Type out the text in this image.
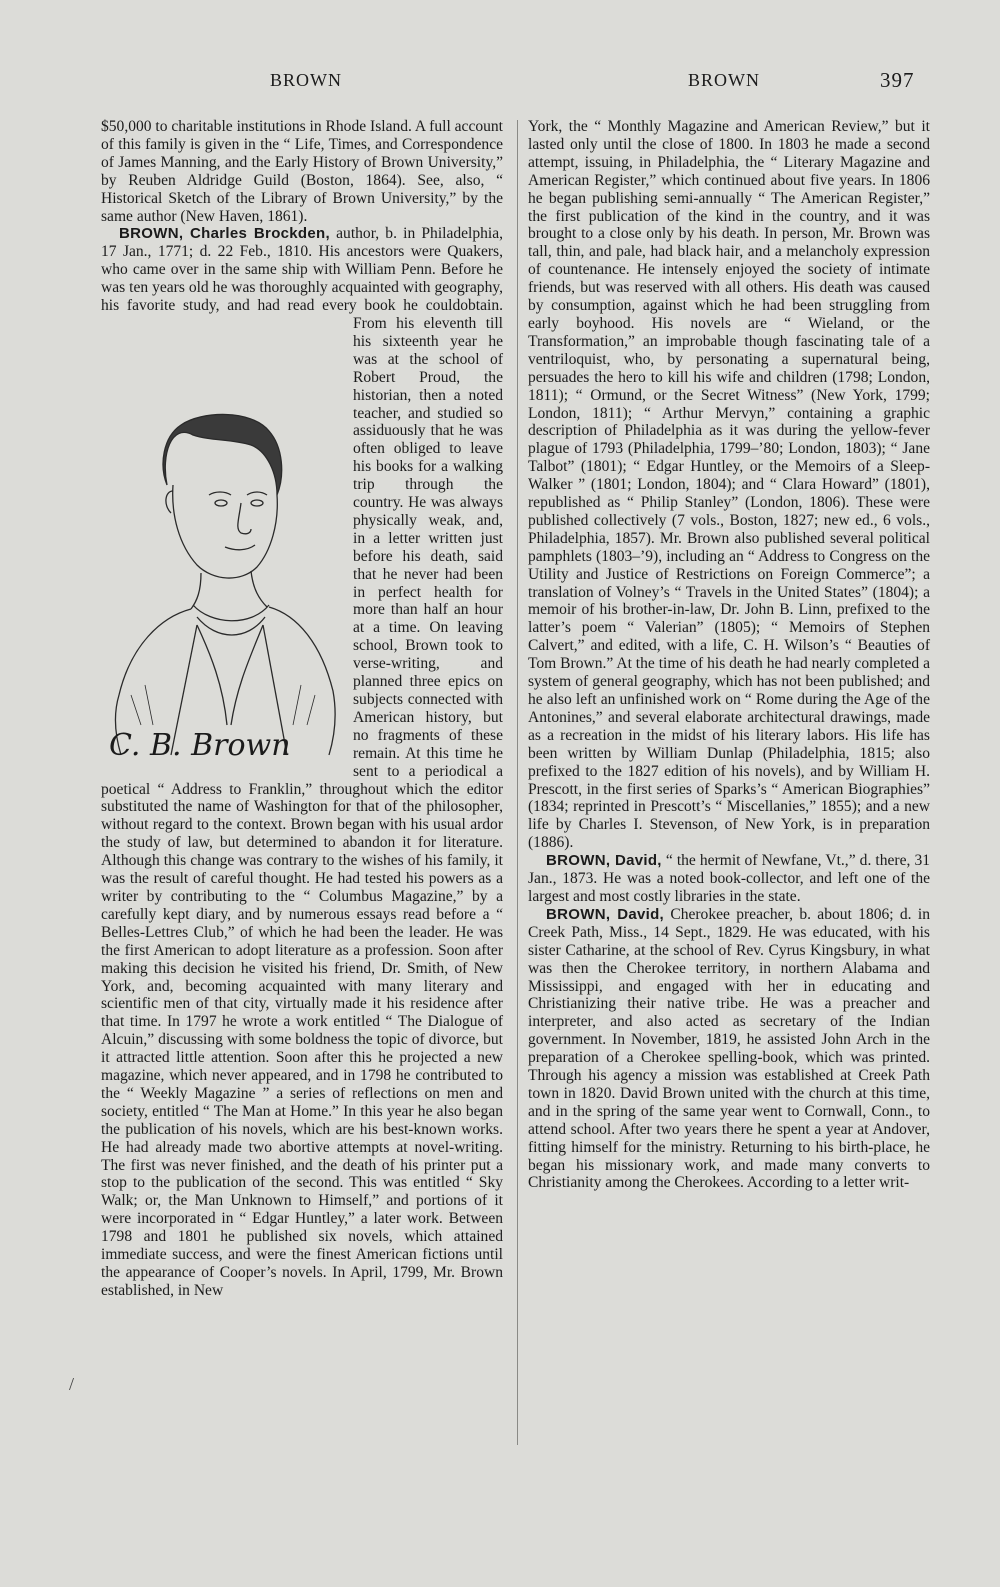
BROWN	BROWN	397

$50,000 to charitable institutions in Rhode Island. A full account of this family is given in the “ Life, Times, and Correspondence of James Manning, and the Early History of Brown University,” by Reuben Aldridge Guild (Boston, 1864). See, also, “ Historical Sketch of the Library of Brown University,” by the same author (New Haven, 1861).

BROWN, Charles Brockden, author, b. in Philadelphia, 17 Jan., 1771; d. 22 Feb., 1810. His ancestors were Quakers, who came over in the same ship with William Penn. Before he was ten years old he was thoroughly acquainted with geography, his favorite study, and had read every book he
C. B. Brown
couldobtain. From his eleventh till his sixteenth year he was at the school of Robert Proud, the historian, then a noted teacher, and studied so assiduously that he was often obliged to leave his books for a walking trip through the country. He was always physically weak, and, in a letter written just before his death, said that he never had been in perfect health for more than half an hour at a time. On leaving school, Brown took to verse-writing, and planned three epics on subjects connected with American history, but no fragments of these remain. At this time he sent to a periodical a poetical “ Address to Franklin,” throughout which the editor substituted the name of Washington for that of the philosopher, without regard to the context. Brown began with his usual ardor the study of law, but determined to abandon it for literature. Although this change was contrary to the wishes of his family, it was the result of careful thought. He had tested his powers as a writer by contributing to the “ Columbus Magazine,” by a carefully kept diary, and by numerous essays read before a “ Belles-Lettres Club,” of which he had been the leader. He was the first American to adopt literature as a profession. Soon after making this decision he visited his friend, Dr. Smith, of New York, and, becoming acquainted with many literary and scientific men of that city, virtually made it his residence after that time. In 1797 he wrote a work entitled “ The Dialogue of Alcuin,” discussing with some boldness the topic of divorce, but it attracted little attention. Soon after this he projected a new magazine, which never appeared, and in 1798 he contributed to the “ Weekly Magazine ” a series of reflections on men and society, entitled “ The Man at Home.” In this year he also began the publication of his novels, which are his best-known works. He had already made two abortive attempts at novel-writing. The first was never finished, and the death of his printer put a stop to the publication of the second. This was entitled “ Sky Walk; or, the Man Unknown to Himself,” and portions of it were incorporated in “ Edgar Huntley,” a later work. Between 1798 and 1801 he published six novels, which attained immediate success, and were the finest American fictions until the appearance of Cooper’s novels. In April, 1799, Mr. Brown established, in New

York, the “ Monthly Magazine and American Review,” but it lasted only until the close of 1800. In 1803 he made a second attempt, issuing, in Philadelphia, the “ Literary Magazine and American Register,” which continued about five years. In 1806 he began publishing semi-annually “ The American Register,” the first publication of the kind in the country, and it was brought to a close only by his death. In person, Mr. Brown was tall, thin, and pale, had black hair, and a melancholy expression of countenance. He intensely enjoyed the society of intimate friends, but was reserved with all others. His death was caused by consumption, against which he had been struggling from early boyhood. His novels are “ Wieland, or the Transformation,” an improbable though fascinating tale of a ventriloquist, who, by personating a supernatural being, persuades the hero to kill his wife and children (1798; London, 1811); “ Ormund, or the Secret Witness” (New York, 1799; London, 1811); “ Arthur Mervyn,” containing a graphic description of Philadelphia as it was during the yellow-fever plague of 1793 (Philadelphia, 1799–’80; London, 1803); “ Jane Talbot” (1801); “ Edgar Huntley, or the Memoirs of a Sleep-Walker ” (1801; London, 1804); and “ Clara Howard” (1801), republished as “ Philip Stanley” (London, 1806). These were published collectively (7 vols., Boston, 1827; new ed., 6 vols., Philadelphia, 1857). Mr. Brown also published several political pamphlets (1803–’9), including an “ Address to Congress on the Utility and Justice of Restrictions on Foreign Commerce”; a translation of Volney’s “ Travels in the United States” (1804); a memoir of his brother-in-law, Dr. John B. Linn, prefixed to the latter’s poem “ Valerian” (1805); “ Memoirs of Stephen Calvert,” and edited, with a life, C. H. Wilson’s “ Beauties of Tom Brown.” At the time of his death he had nearly completed a system of general geography, which has not been published; and he also left an unfinished work on “ Rome during the Age of the Antonines,” and several elaborate architectural drawings, made as a recreation in the midst of his literary labors. His life has been written by William Dunlap (Philadelphia, 1815; also prefixed to the 1827 edition of his novels), and by William H. Prescott, in the first series of Sparks’s “ American Biographies” (1834; reprinted in Prescott’s “ Miscellanies,” 1855); and a new life by Charles I. Stevenson, of New York, is in preparation (1886).

BROWN, David, “ the hermit of Newfane, Vt.,” d. there, 31 Jan., 1873. He was a noted book-collector, and left one of the largest and most costly libraries in the state.

BROWN, David, Cherokee preacher, b. about 1806; d. in Creek Path, Miss., 14 Sept., 1829. He was educated, with his sister Catharine, at the school of Rev. Cyrus Kingsbury, in what was then the Cherokee territory, in northern Alabama and Mississippi, and engaged with her in educating and Christianizing their native tribe. He was a preacher and interpreter, and also acted as secretary of the Indian government. In November, 1819, he assisted John Arch in the preparation of a Cherokee spelling-book, which was printed. Through his agency a mission was established at Creek Path town in 1820. David Brown united with the church at this time, and in the spring of the same year went to Cornwall, Conn., to attend school. After two years there he spent a year at Andover, fitting himself for the ministry. Returning to his birth-place, he began his missionary work, and made many converts to Christianity among the Cherokees. According to a letter writ-

/
